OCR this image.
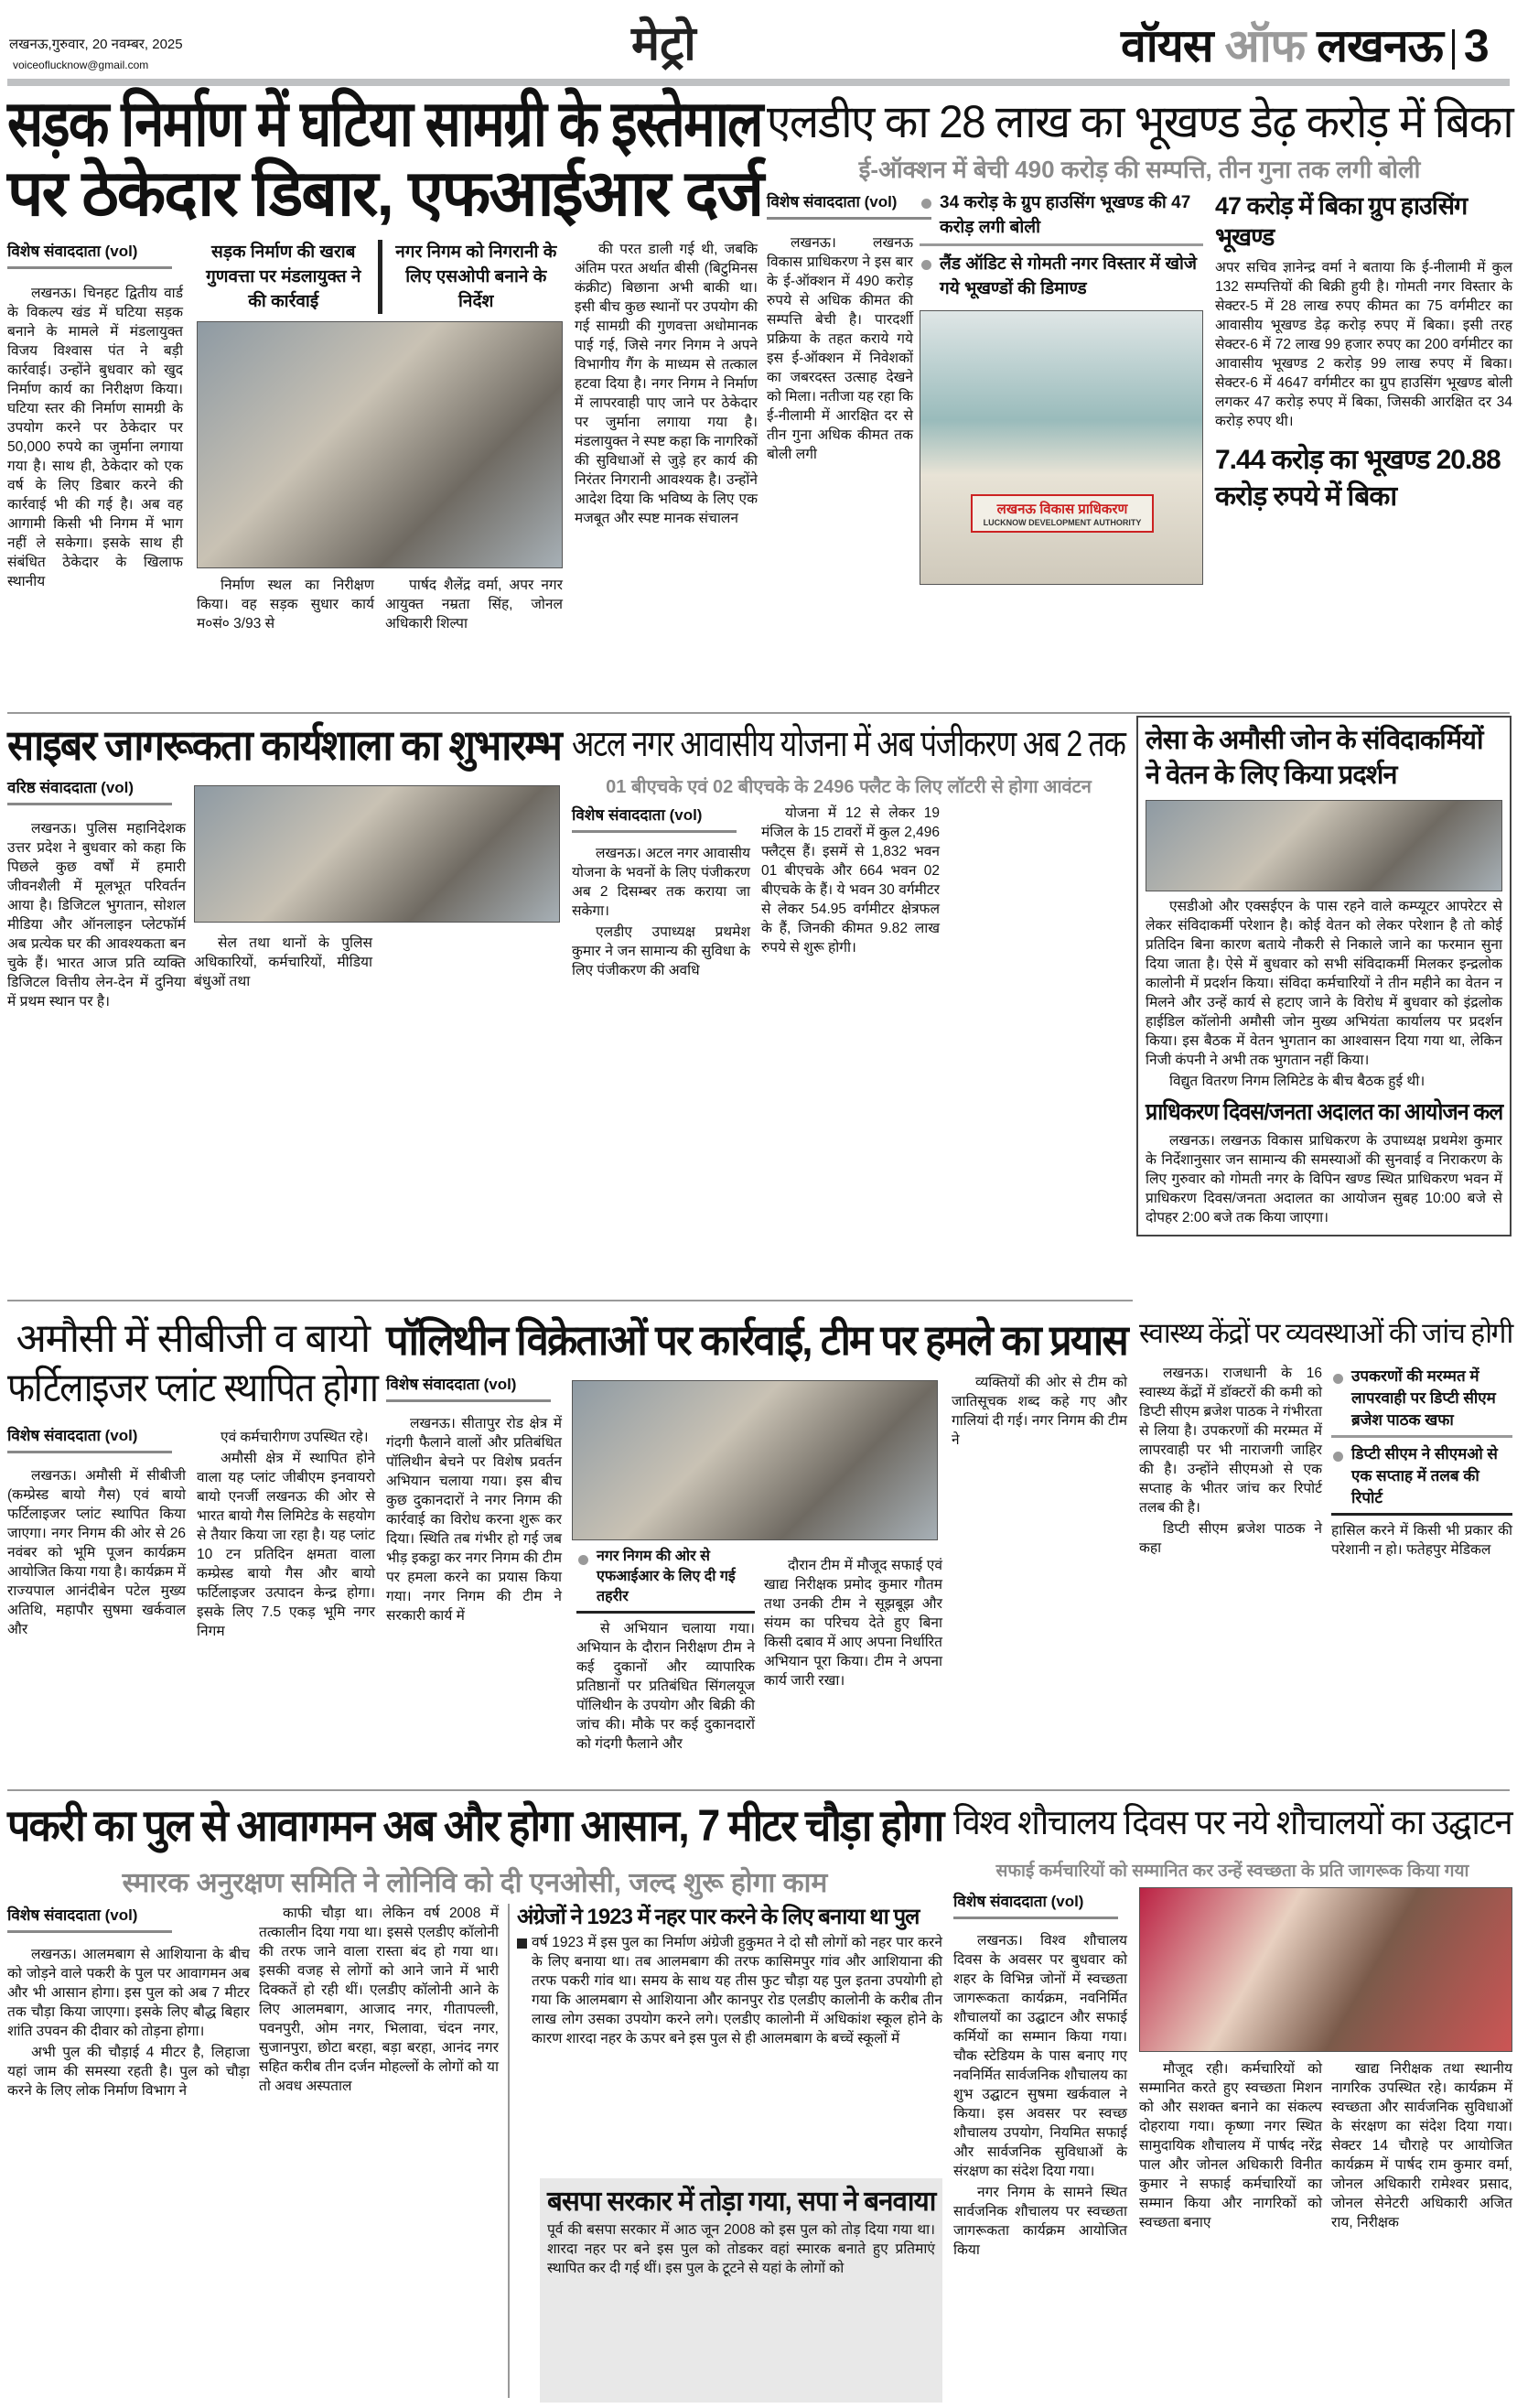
लखनऊ,गुरुवार, 20 नवम्बर, 2025
voiceoflucknow@gmail.com	मेट्रो	वॉयस ऑफ लखनऊ 3
सड़क निर्माण में घटिया सामग्री के इस्तेमाल
पर ठेकेदार डिबार, एफआईआर दर्ज
विशेष संवाददाता (vol)

लखनऊ। चिनहट द्वितीय वार्ड के विकल्प खंड में घटिया सड़क बनाने के मामले में मंडलायुक्त विजय विश्वास पंत ने बड़ी कार्रवाई। उन्होंने बुधवार को खुद निर्माण कार्य का निरीक्षण किया। घटिया स्तर की निर्माण सामग्री के उपयोग करने पर ठेकेदार पर 50,000 रुपये का जुर्माना लगाया गया है। साथ ही, ठेकेदार को एक वर्ष के लिए डिबार करने की कार्रवाई भी की गई है। अब वह आगामी किसी भी निगम में भाग नहीं ले सकेगा। इसके साथ ही संबंधित ठेकेदार के खिलाफ स्थानीय

सड़क निर्माण की खराब गुणवत्ता पर मंडलायुक्त ने की कार्रवाई
नगर निगम को निगरानी के लिए एसओपी बनाने के निर्देश

निर्माण स्थल का निरीक्षण किया। वह सड़क सुधार कार्य म०सं० 3/93 से

पार्षद शैलेंद्र वर्मा, अपर नगर आयुक्त नम्रता सिंह, जोनल अधिकारी शिल्पा

की परत डाली गई थी, जबकि अंतिम परत अर्थात बीसी (बिटुमिनस कंक्रीट) बिछाना अभी बाकी था। इसी बीच कुछ स्थानों पर उपयोग की गई सामग्री की गुणवत्ता अधोमानक पाई गई, जिसे नगर निगम ने अपने विभागीय गैंग के माध्यम से तत्काल हटवा दिया है। नगर निगम ने निर्माण में लापरवाही पाए जाने पर ठेकेदार पर जुर्माना लगाया गया है। मंडलायुक्त ने स्पष्ट कहा कि नागरिकों की सुविधाओं से जुड़े हर कार्य की निरंतर निगरानी आवश्यक है। उन्होंने आदेश दिया कि भविष्य के लिए एक मजबूत और स्पष्ट मानक संचालन

एलडीए का 28 लाख का भूखण्ड डेढ़ करोड़ में बिका
ई-ऑक्शन में बेची 490 करोड़ की सम्पत्ति, तीन गुना तक लगी बोली
विशेष संवाददाता (vol)

लखनऊ। लखनऊ विकास प्राधिकरण ने इस बार के ई-ऑक्शन में 490 करोड़ रुपये से अधिक कीमत की सम्पत्ति बेची है। पारदर्शी प्रक्रिया के तहत कराये गये इस ई-ऑक्शन में निवेशकों का जबरदस्त उत्साह देखने को मिला। नतीजा यह रहा कि ई-नीलामी में आरक्षित दर से तीन गुना अधिक कीमत तक बोली लगी

34 करोड़ के ग्रुप हाउसिंग भूखण्ड की 47 करोड़ लगी बोली
लैंड ऑडिट से गोमती नगर विस्तार में खोजे गये भूखण्डों की डिमाण्ड
लखनऊ विकास प्राधिकरण
LUCKNOW DEVELOPMENT AUTHORITY
47 करोड़ में बिका ग्रुप हाउसिंग भूखण्ड
अपर सचिव ज्ञानेन्द्र वर्मा ने बताया कि ई-नीलामी में कुल 132 सम्पत्तियों की बिक्री हुयी है। गोमती नगर विस्तार के सेक्टर-5 में 28 लाख रुपए कीमत का 75 वर्गमीटर का आवासीय भूखण्ड डेढ़ करोड़ रुपए में बिका। इसी तरह सेक्टर-6 में 72 लाख 99 हजार रुपए का 200 वर्गमीटर का आवासीय भूखण्ड 2 करोड़ 99 लाख रुपए में बिका। सेक्टर-6 में 4647 वर्गमीटर का ग्रुप हाउसिंग भूखण्ड बोली लगकर 47 करोड़ रुपए में बिका, जिसकी आरक्षित दर 34 करोड़ रुपए थी।
7.44 करोड़ का भूखण्ड 20.88 करोड़ रुपये में बिका
साइबर जागरूकता कार्यशाला का शुभारम्भ
वरिष्ठ संवाददाता (vol)

लखनऊ। पुलिस महानिदेशक उत्तर प्रदेश ने बुधवार को कहा कि पिछले कुछ वर्षों में हमारी जीवनशैली में मूलभूत परिवर्तन आया है। डिजिटल भुगतान, सोशल मीडिया और ऑनलाइन प्लेटफॉर्म अब प्रत्येक घर की आवश्यकता बन चुके हैं। भारत आज प्रति व्यक्ति डिजिटल वित्तीय लेन-देन में दुनिया में प्रथम स्थान पर है।

सेल तथा थानों के पुलिस अधिकारियों, कर्मचारियों, मीडिया बंधुओं तथा

अटल नगर आवासीय योजना में अब पंजीकरण अब 2 तक
01 बीएचके एवं 02 बीएचके के 2496 फ्लैट के लिए लॉटरी से होगा आवंटन
विशेष संवाददाता (vol)

लखनऊ। अटल नगर आवासीय योजना के भवनों के लिए पंजीकरण अब 2 दिसम्बर तक कराया जा सकेगा।

एलडीए उपाध्यक्ष प्रथमेश कुमार ने जन सामान्य की सुविधा के लिए पंजीकरण की अवधि

योजना में 12 से लेकर 19 मंजिल के 15 टावरों में कुल 2,496 फ्लैट्स हैं। इसमें से 1,832 भवन 01 बीएचके और 664 भवन 02 बीएचके के हैं। ये भवन 30 वर्गमीटर से लेकर 54.95 वर्गमीटर क्षेत्रफल के हैं, जिनकी कीमत 9.82 लाख रुपये से शुरू होगी।

लेसा के अमौसी जोन के संविदाकर्मियों ने वेतन के लिए किया प्रदर्शन

एसडीओ और एक्सईएन के पास रहने वाले कम्प्यूटर आपरेटर से लेकर संविदाकर्मी परेशान है। कोई वेतन को लेकर परेशान है तो कोई प्रतिदिन बिना कारण बताये नौकरी से निकाले जाने का फरमान सुना दिया जाता है। ऐसे में बुधवार को सभी संविदाकर्मी मिलकर इन्द्रलोक कालोनी में प्रदर्शन किया। संविदा कर्मचारियों ने तीन महीने का वेतन न मिलने और उन्हें कार्य से हटाए जाने के विरोध में बुधवार को इंद्रलोक हाईडिल कॉलोनी अमौसी जोन मुख्य अभियंता कार्यालय पर प्रदर्शन किया। इस बैठक में वेतन भुगतान का आश्वासन दिया गया था, लेकिन निजी कंपनी ने अभी तक भुगतान नहीं किया।

विद्युत वितरण निगम लिमिटेड के बीच बैठक हुई थी।

प्राधिकरण दिवस/जनता अदालत का आयोजन कल

लखनऊ। लखनऊ विकास प्राधिकरण के उपाध्यक्ष प्रथमेश कुमार के निर्देशानुसार जन सामान्य की समस्याओं की सुनवाई व निराकरण के लिए गुरुवार को गोमती नगर के विपिन खण्ड स्थित प्राधिकरण भवन में प्राधिकरण दिवस/जनता अदालत का आयोजन सुबह 10:00 बजे से दोपहर 2:00 बजे तक किया जाएगा।

अमौसी में सीबीजी व बायो
फर्टिलाइजर प्लांट स्थापित होगा
विशेष संवाददाता (vol)

लखनऊ। अमौसी में सीबीजी (कम्प्रेस्ड बायो गैस) एवं बायो फर्टिलाइजर प्लांट स्थापित किया जाएगा। नगर निगम की ओर से 26 नवंबर को भूमि पूजन कार्यक्रम आयोजित किया गया है। कार्यक्रम में राज्यपाल आनंदीबेन पटेल मुख्य अतिथि, महापौर सुषमा खर्कवाल और

एवं कर्मचारीगण उपस्थित रहे।

अमौसी क्षेत्र में स्थापित होने वाला यह प्लांट जीबीएम इनवायरो बायो एनर्जी लखनऊ की ओर से भारत बायो गैस लिमिटेड के सहयोग से तैयार किया जा रहा है। यह प्लांट 10 टन प्रतिदिन क्षमता वाला कम्प्रेस्ड बायो गैस और बायो फर्टिलाइजर उत्पादन केन्द्र होगा। इसके लिए 7.5 एकड़ भूमि नगर निगम

पॉलिथीन विक्रेताओं पर कार्रवाई, टीम पर हमले का प्रयास
विशेष संवाददाता (vol)

लखनऊ। सीतापुर रोड क्षेत्र में गंदगी फैलाने वालों और प्रतिबंधित पॉलिथीन बेचने पर विशेष प्रवर्तन अभियान चलाया गया। इस बीच कुछ दुकानदारों ने नगर निगम की कार्रवाई का विरोध करना शुरू कर दिया। स्थिति तब गंभीर हो गई जब भीड़ इकट्ठा कर नगर निगम की टीम पर हमला करने का प्रयास किया गया। नगर निगम की टीम ने सरकारी कार्य में

नगर निगम की ओर से एफआईआर के लिए दी गई तहरीर

से अभियान चलाया गया। अभियान के दौरान निरीक्षण टीम ने कई दुकानों और व्यापारिक प्रतिष्ठानों पर प्रतिबंधित सिंगलयूज पॉलिथीन के उपयोग और बिक्री की जांच की। मौके पर कई दुकानदारों को गंदगी फैलाने और

दौरान टीम में मौजूद सफाई एवं खाद्य निरीक्षक प्रमोद कुमार गौतम तथा उनकी टीम ने सूझबूझ और संयम का परिचय देते हुए बिना किसी दबाव में आए अपना निर्धारित अभियान पूरा किया। टीम ने अपना कार्य जारी रखा।

व्यक्तियों की ओर से टीम को जातिसूचक शब्द कहे गए और गालियां दी गई। नगर निगम की टीम ने

स्वास्थ्य केंद्रों पर व्यवस्थाओं की जांच होगी

लखनऊ। राजधानी के 16 स्वास्थ्य केंद्रों में डॉक्टरों की कमी को डिप्टी सीएम ब्रजेश पाठक ने गंभीरता से लिया है। उपकरणों की मरम्मत में लापरवाही पर भी नाराजगी जाहिर की है। उन्होंने सीएमओ से एक सप्ताह के भीतर जांच कर रिपोर्ट तलब की है।

डिप्टी सीएम ब्रजेश पाठक ने कहा

उपकरणों की मरम्मत में लापरवाही पर डिप्टी सीएम ब्रजेश पाठक खफा
डिप्टी सीएम ने सीएमओ से एक सप्ताह में तलब की रिपोर्ट
हासिल करने में किसी भी प्रकार की परेशानी न हो। फतेहपुर मेडिकल
पकरी का पुल से आवागमन अब और होगा आसान, 7 मीटर चौड़ा होगा
स्मारक अनुरक्षण समिति ने लोनिवि को दी एनओसी, जल्द शुरू होगा काम
विशेष संवाददाता (vol)

लखनऊ। आलमबाग से आशियाना के बीच को जोड़ने वाले पकरी के पुल पर आवागमन अब और भी आसान होगा। इस पुल को अब 7 मीटर तक चौड़ा किया जाएगा। इसके लिए बौद्ध बिहार शांति उपवन की दीवार को तोड़ना होगा।

अभी पुल की चौड़ाई 4 मीटर है, लिहाजा यहां जाम की समस्या रहती है। पुल को चौड़ा करने के लिए लोक निर्माण विभाग ने

काफी चौड़ा था। लेकिन वर्ष 2008 में तत्कालीन दिया गया था। इससे एलडीए कॉलोनी की तरफ जाने वाला रास्ता बंद हो गया था। इसकी वजह से लोगों को आने जाने में भारी दिक्कतें हो रही थीं। एलडीए कॉलोनी आने के लिए आलमबाग, आजाद नगर, गीतापल्ली, पवनपुरी, ओम नगर, भिलावा, चंदन नगर, सुजानपुरा, छोटा बरहा, बड़ा बरहा, आनंद नगर सहित करीब तीन दर्जन मोहल्लों के लोगों को या तो अवध अस्पताल

अंग्रेजों ने 1923 में नहर पार करने के लिए बनाया था पुल
वर्ष 1923 में इस पुल का निर्माण अंग्रेजी हुकुमत ने दो सौ लोगों को नहर पार करने के लिए बनाया था। तब आलमबाग की तरफ कासिमपुर गांव और आशियाना की तरफ पकरी गांव था। समय के साथ यह तीस फुट चौड़ा यह पुल इतना उपयोगी हो गया कि आलमबाग से आशियाना और कानपुर रोड एलडीए कालोनी के करीब तीन लाख लोग उसका उपयोग करने लगे। एलडीए कालोनी में अधिकांश स्कूल होने के कारण शारदा नहर के ऊपर बने इस पुल से ही आलमबाग के बच्चें स्कूलों में
बसपा सरकार में तोड़ा गया, सपा ने बनवाया
पूर्व की बसपा सरकार में आठ जून 2008 को इस पुल को तोड़ दिया गया था। शारदा नहर पर बने इस पुल को तोडकर वहां स्मारक बनाते हुए प्रतिमाएं स्थापित कर दी गई थीं। इस पुल के टूटने से यहां के लोगों को
विश्व शौचालय दिवस पर नये शौचालयों का उद्घाटन
सफाई कर्मचारियों को सम्मानित कर उन्हें स्वच्छता के प्रति जागरूक किया गया
विशेष संवाददाता (vol)

लखनऊ। विश्व शौचालय दिवस के अवसर पर बुधवार को शहर के विभिन्न जोनों में स्वच्छता जागरूकता कार्यक्रम, नवनिर्मित शौचालयों का उद्घाटन और सफाई कर्मियों का सम्मान किया गया। चौक स्टेडियम के पास बनाए गए नवनिर्मित सार्वजनिक शौचालय का शुभ उद्घाटन सुषमा खर्कवाल ने किया। इस अवसर पर स्वच्छ शौचालय उपयोग, नियमित सफाई और सार्वजनिक सुविधाओं के संरक्षण का संदेश दिया गया।

नगर निगम के सामने स्थित सार्वजनिक शौचालय पर स्वच्छता जागरूकता कार्यक्रम आयोजित किया

मौजूद रही। कर्मचारियों को सम्मानित करते हुए स्वच्छता मिशन को और सशक्त बनाने का संकल्प दोहराया गया। कृष्णा नगर स्थित सामुदायिक शौचालय में पार्षद नरेंद्र पाल और जोनल अधिकारी विनीत कुमार ने सफाई कर्मचारियों का सम्मान किया और नागरिकों को स्वच्छता बनाए

खाद्य निरीक्षक तथा स्थानीय नागरिक उपस्थित रहे। कार्यक्रम में स्वच्छता और सार्वजनिक सुविधाओं के संरक्षण का संदेश दिया गया। सेक्टर 14 चौराहे पर आयोजित कार्यक्रम में पार्षद राम कुमार वर्मा, जोनल अधिकारी रामेश्वर प्रसाद, जोनल सेनेटरी अधिकारी अजित राय, निरीक्षक
